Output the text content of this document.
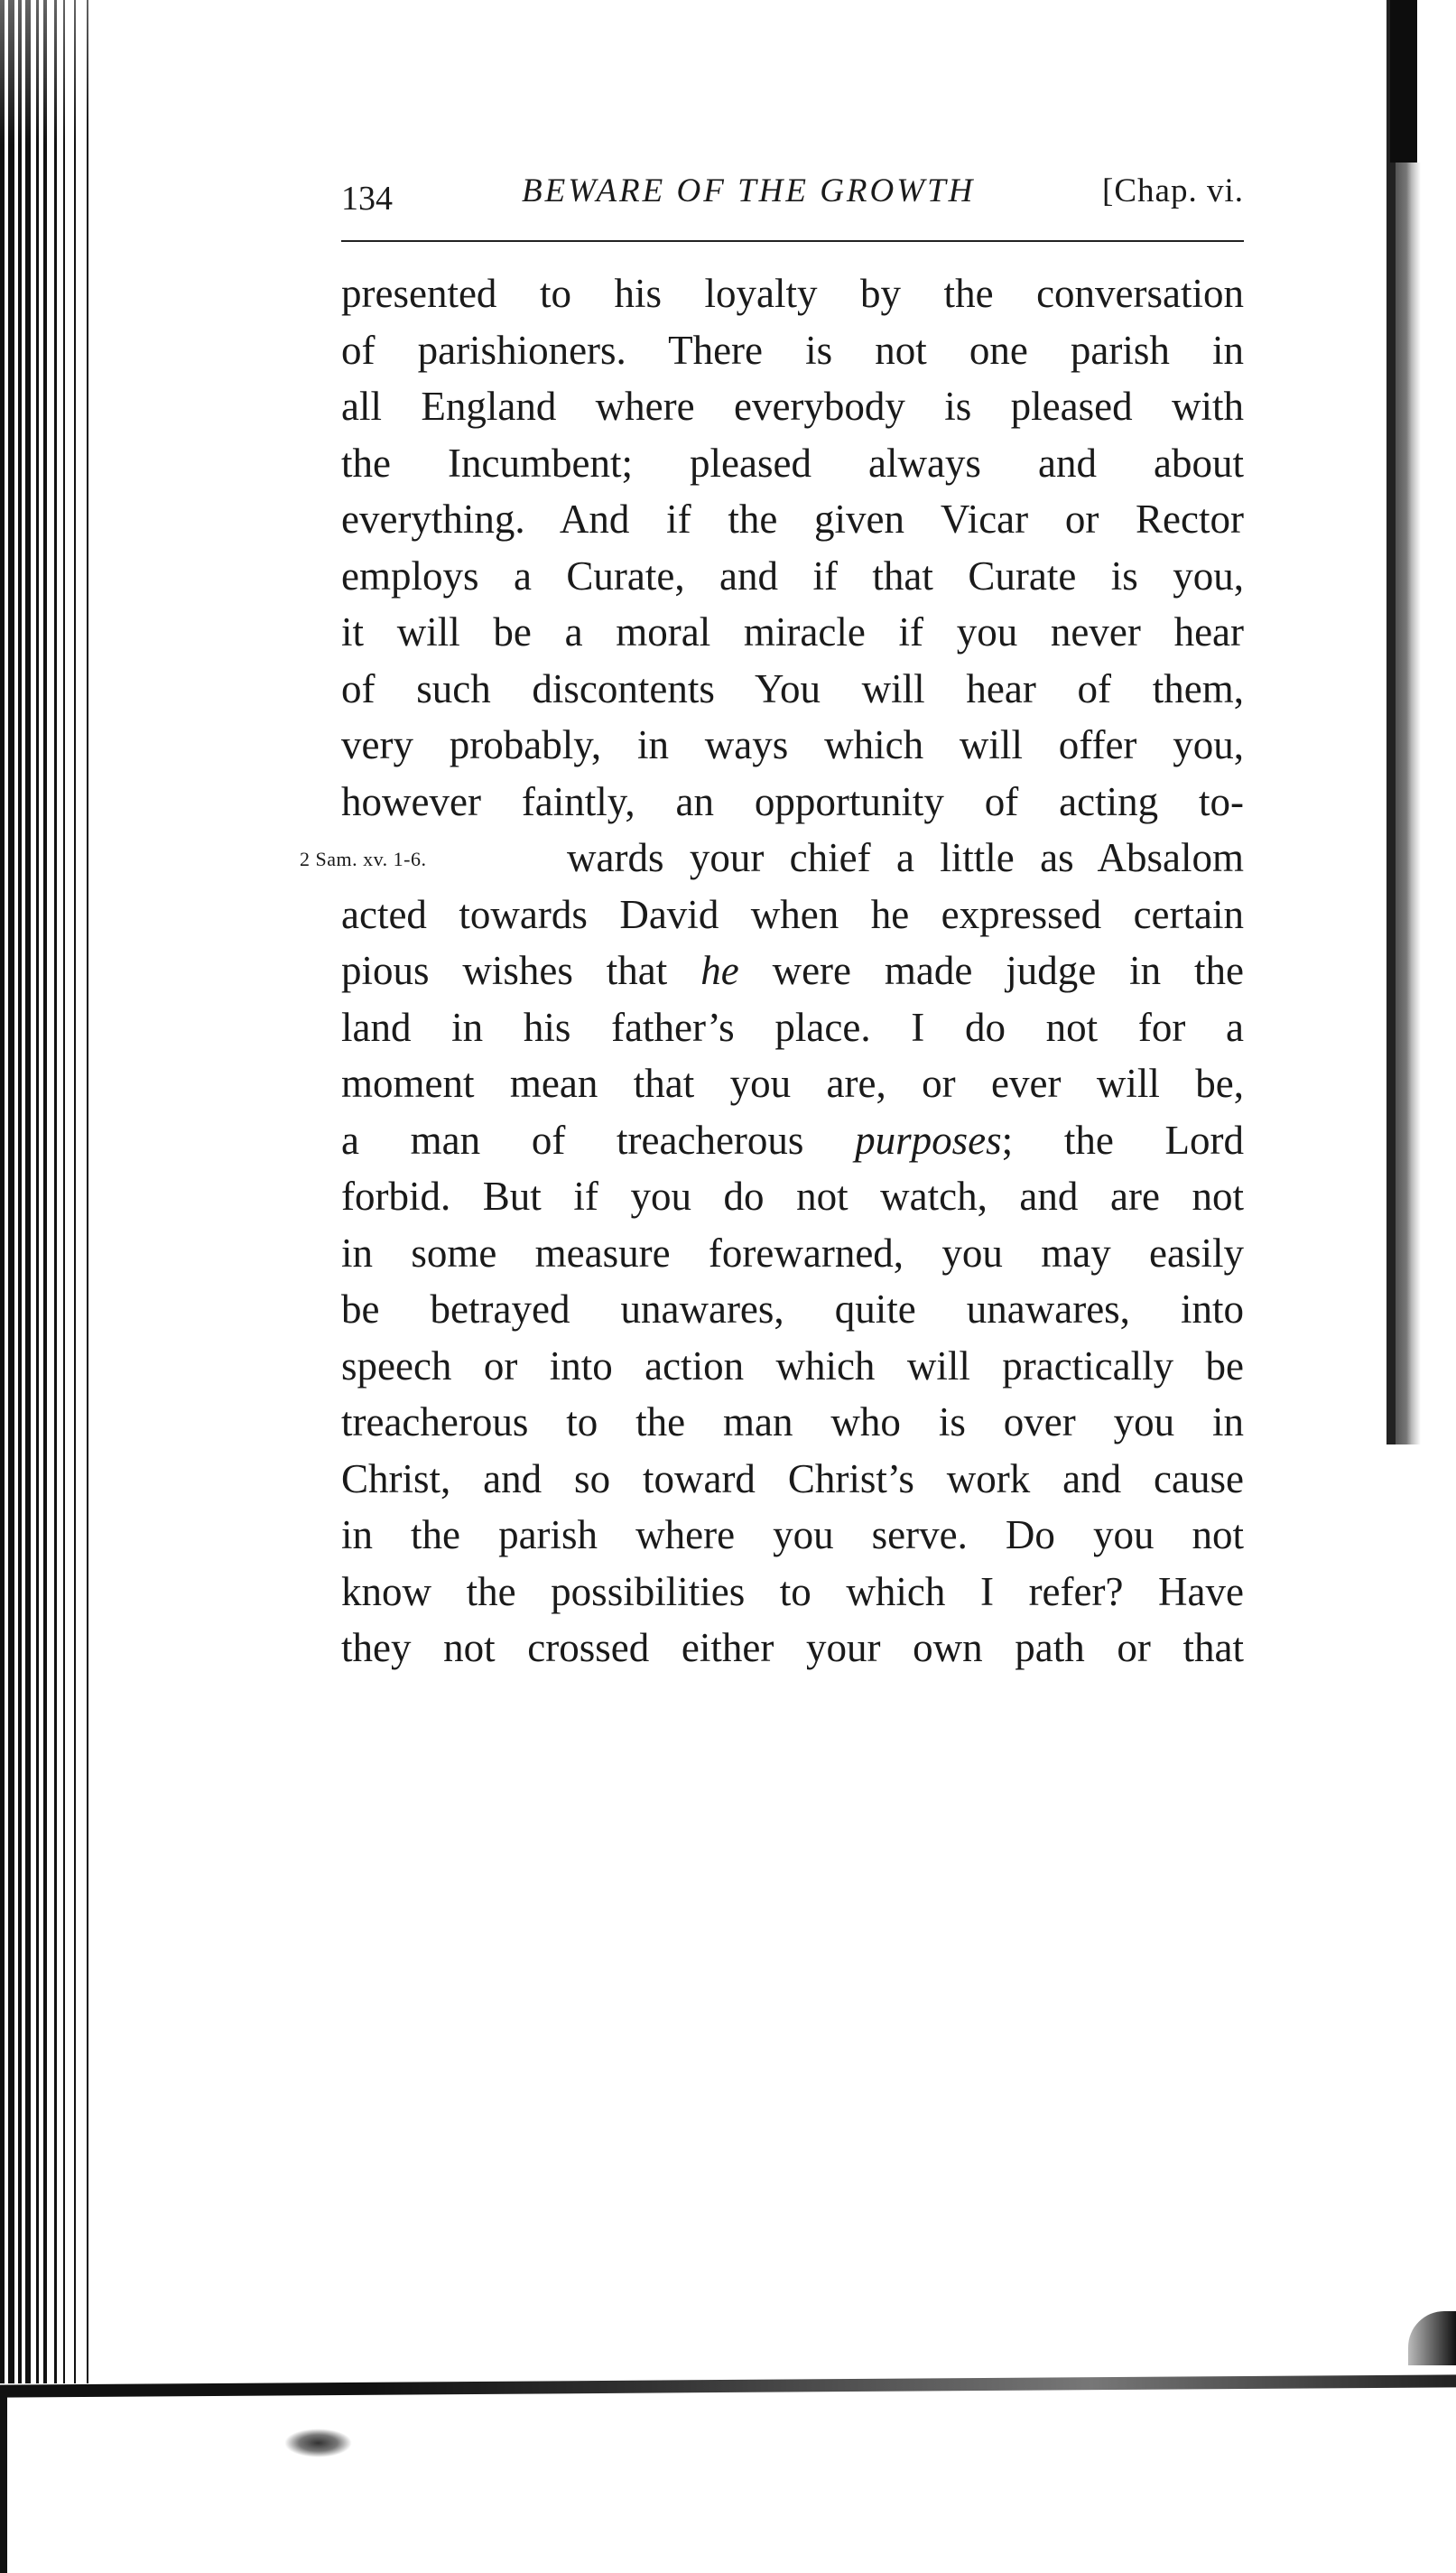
134	BEWARE OF THE GROWTH	[Chap. vi.
2 Sam. xv. 1-6.
presented to his loyalty by the conversation
of parishioners. There is not one parish in
all England where everybody is pleased with
the Incumbent; pleased always and about
everything. And if the given Vicar or Rector
employs a Curate, and if that Curate is you,
it will be a moral miracle if you never hear
of such discontents You will hear of them,
very probably, in ways which will offer you,
however faintly, an opportunity of acting to-
wards your chief a little as Absalom
acted towards David when he expressed certain
pious wishes that he were made judge in the
land in his father’s place. I do not for a
moment mean that you are, or ever will be,
a man of treacherous purposes; the Lord
forbid. But if you do not watch, and are not
in some measure forewarned, you may easily
be betrayed unawares, quite unawares, into
speech or into action which will practically be
treacherous to the man who is over you in
Christ, and so toward Christ’s work and cause
in the parish where you serve. Do you not
know the possibilities to which I refer? Have
they not crossed either your own path or that
